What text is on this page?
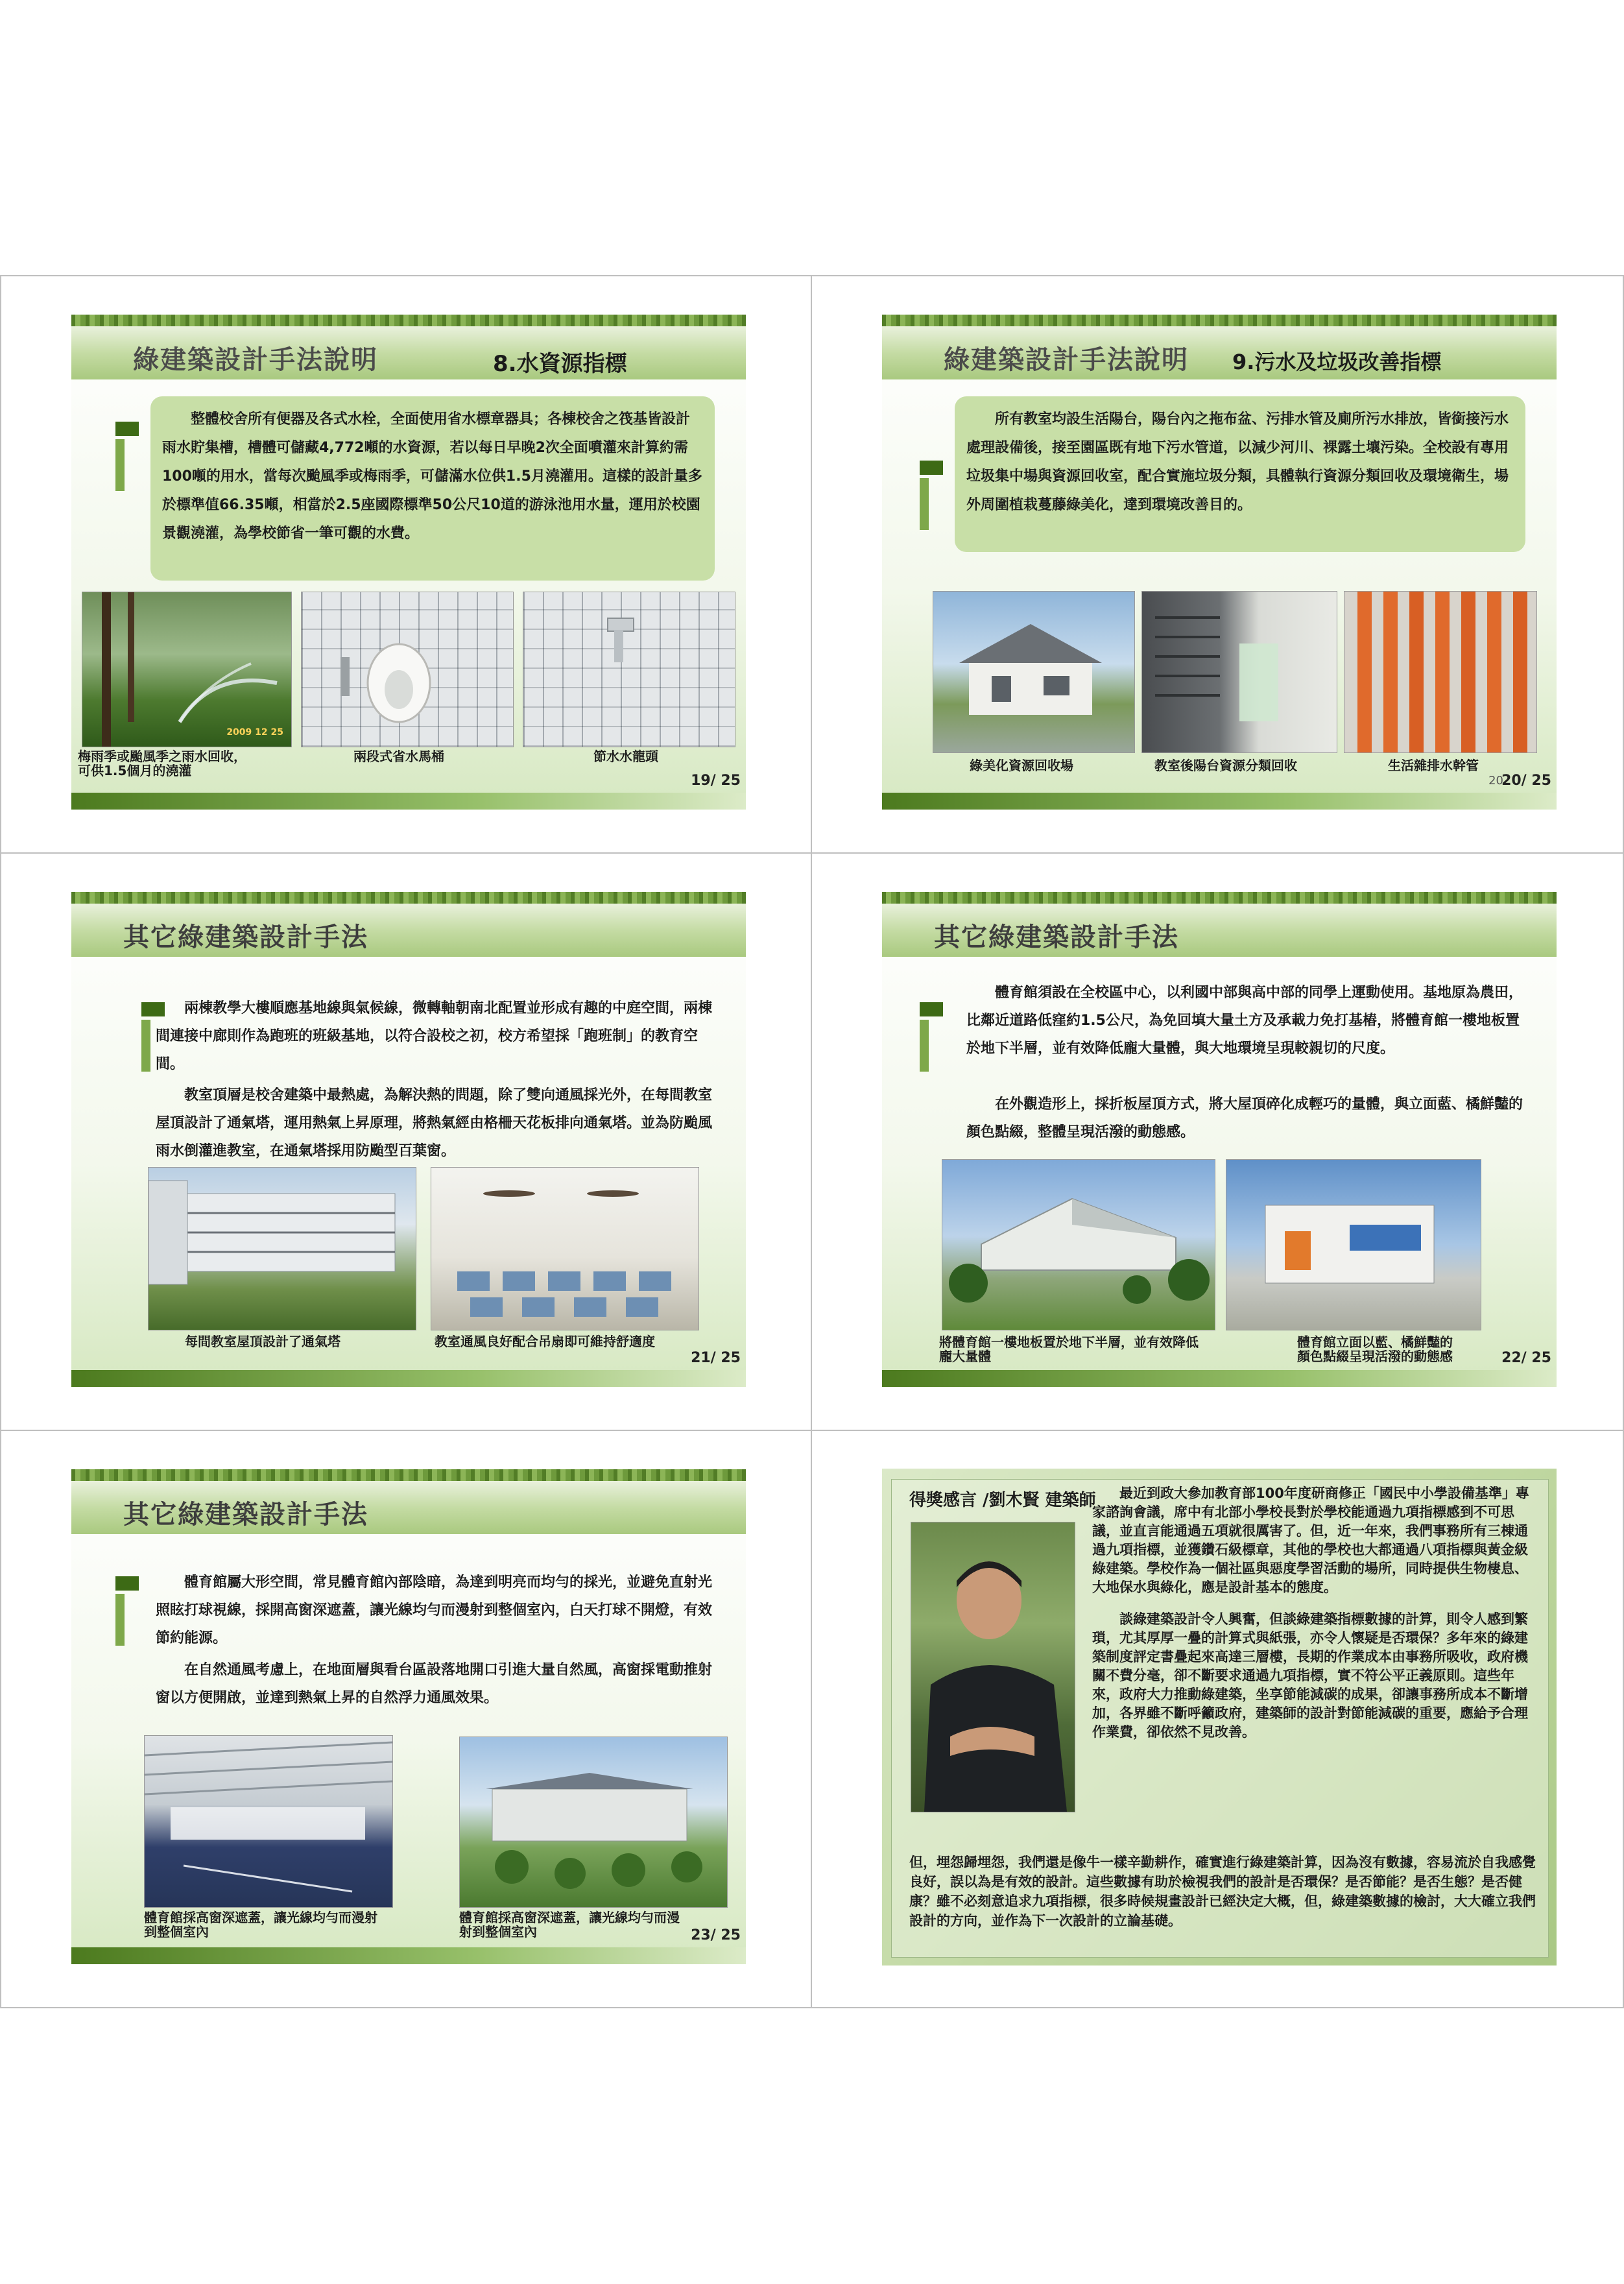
綠建築設計手法說明	8.水資源指標
整體校舍所有便器及各式水栓，全面使用省水標章器具；各棟校舍之筏基皆設計雨水貯集槽，槽體可儲藏4,772噸的水資源，若以每日早晚2次全面噴灌來計算約需100噸的用水，當每次颱風季或梅雨季，可儲滿水位供1.5月澆灌用。這樣的設計量多於標準值66.35噸，相當於2.5座國際標準50公尺10道的游泳池用水量，運用於校園景觀澆灌，為學校節省一筆可觀的水費。
2009 12 25
梅雨季或颱風季之雨水回收，
可供1.5個月的澆灌
兩段式省水馬桶	節水水龍頭
19/ 25
綠建築設計手法說明 9.污水及垃圾改善指標
所有教室均設生活陽台，陽台內之拖布盆、污排水管及廁所污水排放，皆銜接污水處理設備後，接至園區既有地下污水管道，以減少河川、裸露土壤污染。全校設有專用垃圾集中場與資源回收室，配合實施垃圾分類，具體執行資源分類回收及環境衛生，場外周圍植栽蔓藤綠美化，達到環境改善目的。
綠美化資源回收場	教室後陽台資源分類回收	生活雜排水幹管
20
20/ 25
其它綠建築設計手法
兩棟教學大樓順應基地線與氣候線，微轉軸朝南北配置並形成有趣的中庭空間，兩棟間連接中廊則作為跑班的班級基地，以符合設校之初，校方希望採「跑班制」的教育空間。
教室頂層是校舍建築中最熱處，為解決熱的問題，除了雙向通風採光外，在每間教室屋頂設計了通氣塔，運用熱氣上昇原理，將熱氣經由格柵天花板排向通氣塔。並為防颱風雨水倒灌進教室，在通氣塔採用防颱型百葉窗。
每間教室屋頂設計了通氣塔	教室通風良好配合吊扇即可維持舒適度
21/ 25
其它綠建築設計手法
體育館須設在全校區中心，以利國中部與高中部的同學上運動使用。基地原為農田，比鄰近道路低窪約1.5公尺，為免回填大量土方及承載力免打基樁，將體育館一樓地板置於地下半層，並有效降低龐大量體，與大地環境呈現較親切的尺度。
在外觀造形上，採折板屋頂方式，將大屋頂碎化成輕巧的量體，與立面藍、橘鮮豔的顏色點綴，整體呈現活潑的動態感。
將體育館一樓地板置於地下半層，並有效降低
龐大量體
體育館立面以藍、橘鮮豔的
顏色點綴呈現活潑的動態感	22/ 25
其它綠建築設計手法
體育館屬大形空間，常見體育館內部陰暗，為達到明亮而均勻的採光，並避免直射光照眩打球視線，採開高窗深遮蓋，讓光線均勻而漫射到整個室內，白天打球不開燈，有效節約能源。
在自然通風考慮上，在地面層與看台區設落地開口引進大量自然風，高窗採電動推射窗以方便開啟，並達到熱氣上昇的自然浮力通風效果。
體育館採高窗深遮蓋，讓光線均勻而漫射
到整個室內
體育館採高窗深遮蓋，讓光線均勻而漫
射到整個室內	23/ 25
得獎感言 /劉木賢 建築師	最近到政大參加教育部100年度研商修正「國民中小學設備基準」專家諮詢會議，席中有北部小學校長對於學校能通過九項指標感到不可思議，並直言能通過五項就很厲害了。但，近一年來，我們事務所有三棟通過九項指標，並獲鑽石級標章，其他的學校也大都通過八項指標與黃金級綠建築。學校作為一個社區與惡度學習活動的場所，同時提供生物棲息、大地保水與綠化，應是設計基本的態度。
談綠建築設計令人興奮，但談綠建築指標數據的計算，則令人感到繁瑣，尤其厚厚一疊的計算式與紙張，亦令人懷疑是否環保？多年來的綠建築制度評定書疊起來高達三層樓，長期的作業成本由事務所吸收，政府機關不費分毫，卻不斷要求通過九項指標，實不符公平正義原則。這些年來，政府大力推動綠建築，坐享節能減碳的成果，卻讓事務所成本不斷增加，各界雖不斷呼籲政府，建築師的設計對節能減碳的重要，應給予合理作業費，卻依然不見改善。
但，埋怨歸埋怨，我們還是像牛一樣辛勤耕作，確實進行綠建築計算，因為沒有數據，容易流於自我感覺良好，誤以為是有效的設計。這些數據有助於檢視我們的設計是否環保？是否節能？是否生態？是否健康？雖不必刻意追求九項指標，很多時候規畫設計已經決定大概，但，綠建築數據的檢討，大大確立我們設計的方向，並作為下一次設計的立論基礎。
